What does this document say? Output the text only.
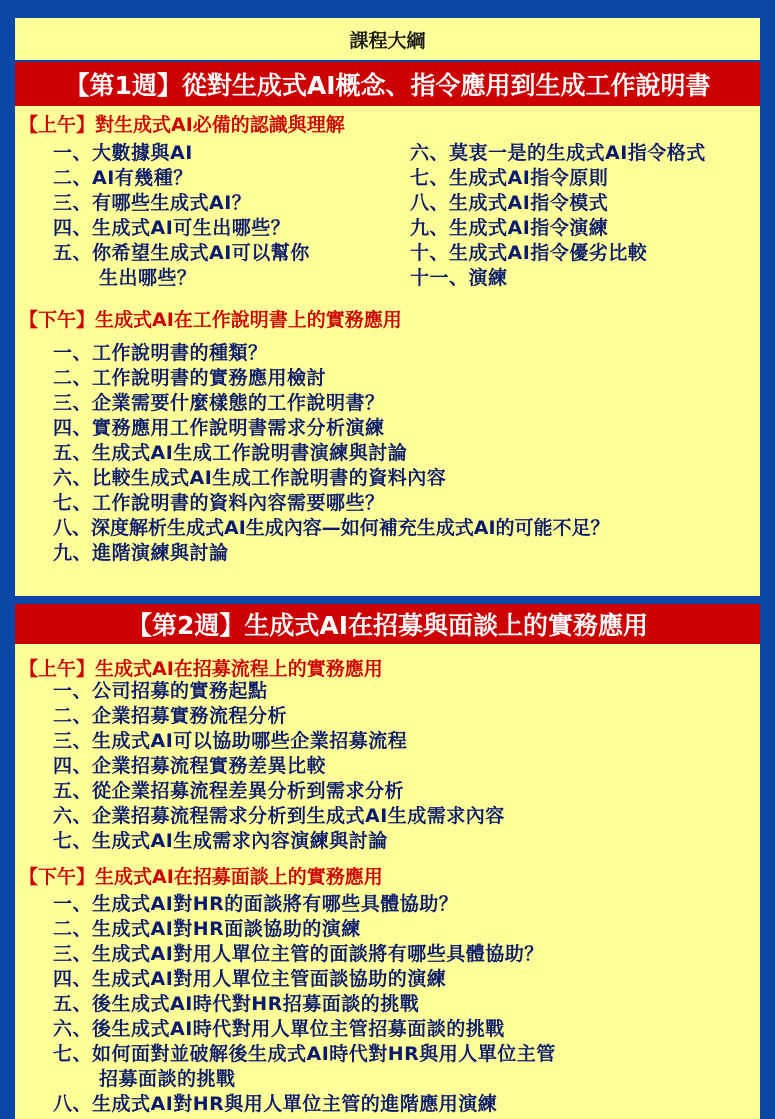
課程大綱
【第1週】從對生成式AI概念、指令應用到生成工作說明書
【上午】對生成式AI必備的認識與理解
一、大數據與AI
二、AI有幾種？
三、有哪些生成式AI？
四、生成式AI可生出哪些？
五、你希望生成式AI可以幫你
生出哪些？
六、莫衷一是的生成式AI指令格式
七、生成式AI指令原則
八、生成式AI指令模式
九、生成式AI指令演練
十、生成式AI指令優劣比較
十一、演練
【下午】生成式AI在工作說明書上的實務應用
一、工作說明書的種類？
二、工作說明書的實務應用檢討
三、企業需要什麼樣態的工作說明書？
四、實務應用工作說明書需求分析演練
五、生成式AI生成工作說明書演練與討論
六、比較生成式AI生成工作說明書的資料內容
七、工作說明書的資料內容需要哪些？
八、深度解析生成式AI生成內容—如何補充生成式AI的可能不足？
九、進階演練與討論
【第2週】生成式AI在招募與面談上的實務應用
【上午】生成式AI在招募流程上的實務應用
一、公司招募的實務起點
二、企業招募實務流程分析
三、生成式AI可以協助哪些企業招募流程
四、企業招募流程實務差異比較
五、從企業招募流程差異分析到需求分析
六、企業招募流程需求分析到生成式AI生成需求內容
七、生成式AI生成需求內容演練與討論
【下午】生成式AI在招募面談上的實務應用
一、生成式AI對HR的面談將有哪些具體協助？
二、生成式AI對HR面談協助的演練
三、生成式AI對用人單位主管的面談將有哪些具體協助？
四、生成式AI對用人單位主管面談協助的演練
五、後生成式AI時代對HR招募面談的挑戰
六、後生成式AI時代對用人單位主管招募面談的挑戰
七、如何面對並破解後生成式AI時代對HR與用人單位主管
招募面談的挑戰
八、生成式AI對HR與用人單位主管的進階應用演練
